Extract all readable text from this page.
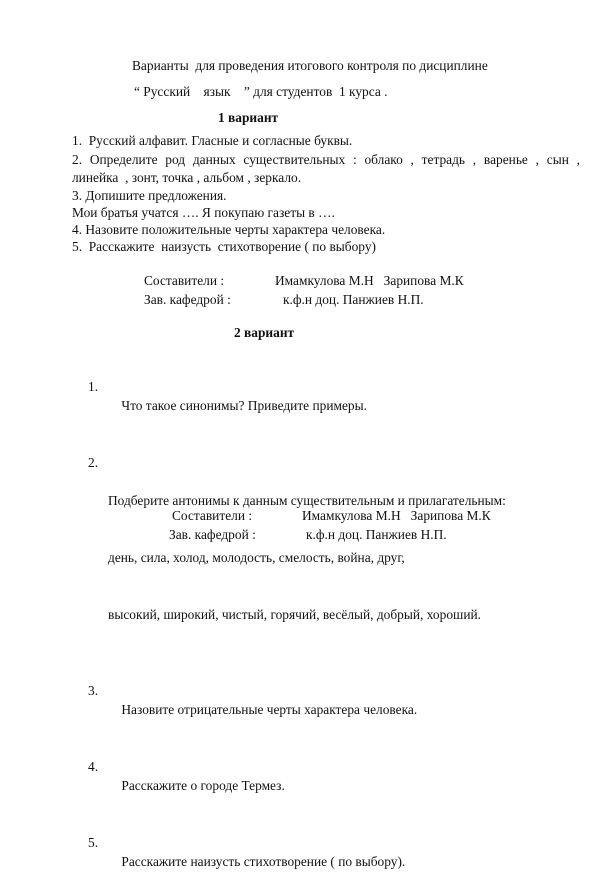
Варианты  для проведения итогового контроля по дисциплине
“ Русский    язык    ” для студентов  1 курса .
1 вариант
1.  Русский алфавит. Гласные и согласные буквы.
2. Определите род данных существительных : облако , тетрадь , варенье , сын ,
линейка  , зонт, точка , альбом , зеркало.
3. Допишите предложения.
Мои братья учатся …. Я покупаю газеты в ….
4. Назовите положительные черты характера человека.
5.  Расскажите  наизусть  стихотворение ( по выбору)
Составители :	Имамкулова М.Н   Зарипова М.К
Зав. кафедрой :	к.ф.н доц. Панжиев Н.П.
2 вариант

1.

Что такое синонимы? Приведите примеры.

2.

Подберите антонимы к данным существительным и прилагательным:

день, сила, холод, молодость, смелость, война, друг,

высокий, широкий, чистый, горячий, весёлый, добрый, хороший.

3.

Назовите отрицательные черты характера человека.

4.

Расскажите о городе Термез.

5.

Расскажите наизусть стихотворение ( по выбору).

Составители :	Имамкулова М.Н   Зарипова М.К
Зав. кафедрой :	к.ф.н доц. Панжиев Н.П.
